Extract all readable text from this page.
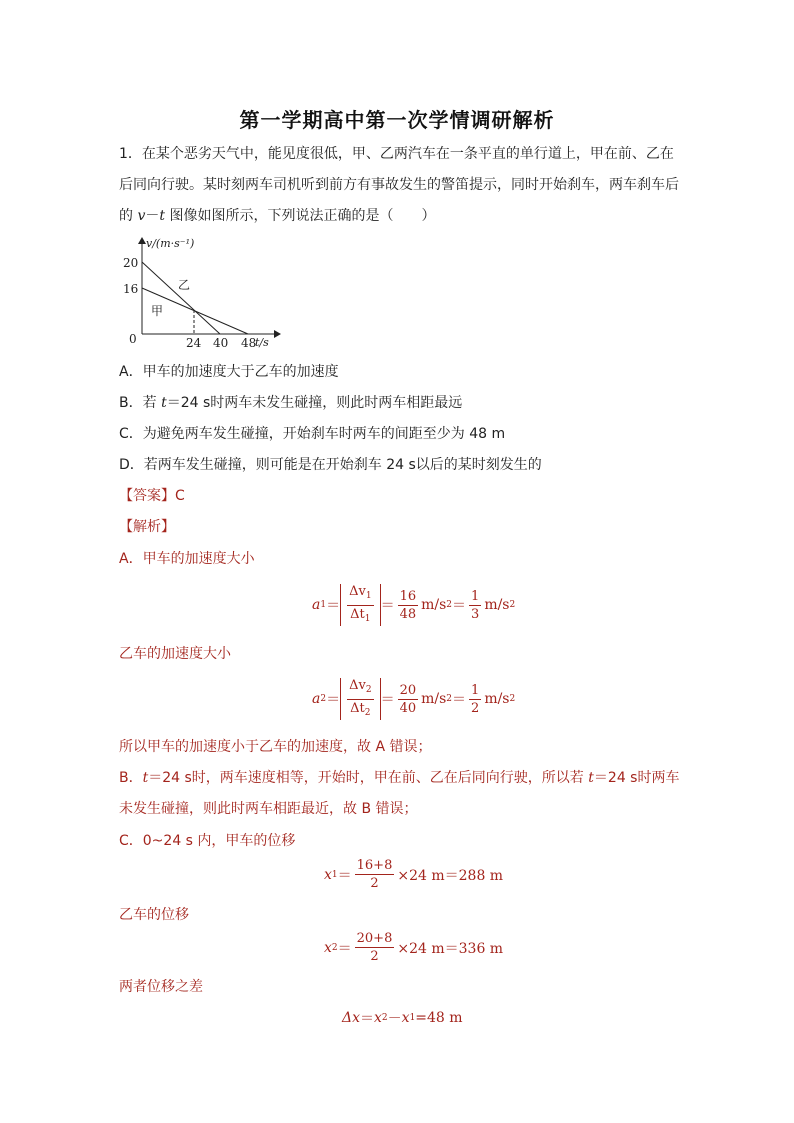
第一学期高中第一次学情调研解析
1．在某个恶劣天气中，能见度很低，甲、乙两汽车在一条平直的单行道上，甲在前、乙在
后同向行驶。某时刻两车司机听到前方有事故发生的警笛提示，同时开始刹车，两车刹车后
的 v－t 图像如图所示，下列说法正确的是（　　）
v/(m·s⁻¹)
t/s
20
16
0	24 40 48
乙
甲
A．甲车的加速度大于乙车的加速度
B．若 t＝24 s时两车未发生碰撞，则此时两车相距最远
C．为避免两车发生碰撞，开始刹车时两车的间距至少为 48 m
D．若两车发生碰撞，则可能是在开始刹车 24 s以后的某时刻发生的
【答案】C
【解析】
A．甲车的加速度大小
a $1 = \frac{\Delta v_1}{\Delta t_1} = \frac{16}{48} m/s$ $2 = \frac{1}{3} m/s$ 2
乙车的加速度大小
a $2 = \frac{\Delta v_2}{\Delta t_2} = \frac{20}{40} m/s$ $2 = \frac{1}{2} m/s$ 2
所以甲车的加速度小于乙车的加速度，故 A 错误；
B．t＝24 s时，两车速度相等，开始时，甲在前、乙在后同向行驶，所以若 t＝24 s时两车
未发生碰撞，则此时两车相距最近，故 B 错误；
C．0~24 s 内，甲车的位移
x $1 = \frac{16+8}{2} \times 24$ m＝288 m
乙车的位移
x $2 = \frac{20+8}{2} \times 24$ m＝336 m
两者位移之差
Δx ＝ x 2 － x 1 =48 m
